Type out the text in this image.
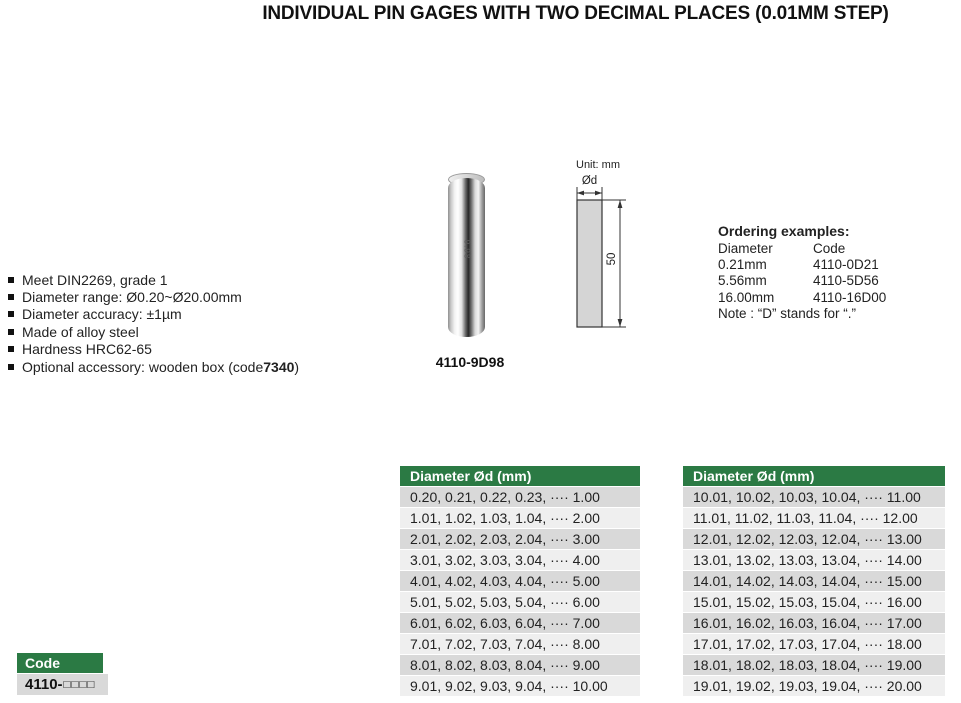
INDIVIDUAL PIN GAGES WITH TWO DECIMAL PLACES (0.01MM STEP)
Meet DIN2269, grade 1
Diameter range: Ø0.20~Ø20.00mm
Diameter accuracy: ±1µm
Made of alloy steel
Hardness HRC62-65
Optional accessory: wooden box (code 7340 )
9.98
4110-9D98
Unit: mm
Ød
50
Ordering examples:
Diameter	Code
0.21mm	4110-0D21
5.56mm	4110-5D56
16.00mm	4110-16D00
Note : “D” stands for “.”
Diameter Ød (mm)
0.20, 0.21, 0.22, 0.23, ···· 1.00
1.01, 1.02, 1.03, 1.04, ···· 2.00
2.01, 2.02, 2.03, 2.04, ···· 3.00
3.01, 3.02, 3.03, 3.04, ···· 4.00
4.01, 4.02, 4.03, 4.04, ···· 5.00
5.01, 5.02, 5.03, 5.04, ···· 6.00
6.01, 6.02, 6.03, 6.04, ···· 7.00
7.01, 7.02, 7.03, 7.04, ···· 8.00
8.01, 8.02, 8.03, 8.04, ···· 9.00
9.01, 9.02, 9.03, 9.04, ···· 10.00
Diameter Ød (mm)
10.01, 10.02, 10.03, 10.04, ···· 11.00
11.01, 11.02, 11.03, 11.04, ···· 12.00
12.01, 12.02, 12.03, 12.04, ···· 13.00
13.01, 13.02, 13.03, 13.04, ···· 14.00
14.01, 14.02, 14.03, 14.04, ···· 15.00
15.01, 15.02, 15.03, 15.04, ···· 16.00
16.01, 16.02, 16.03, 16.04, ···· 17.00
17.01, 17.02, 17.03, 17.04, ···· 18.00
18.01, 18.02, 18.03, 18.04, ···· 19.00
19.01, 19.02, 19.03, 19.04, ···· 20.00
Code
4110- □□□□
